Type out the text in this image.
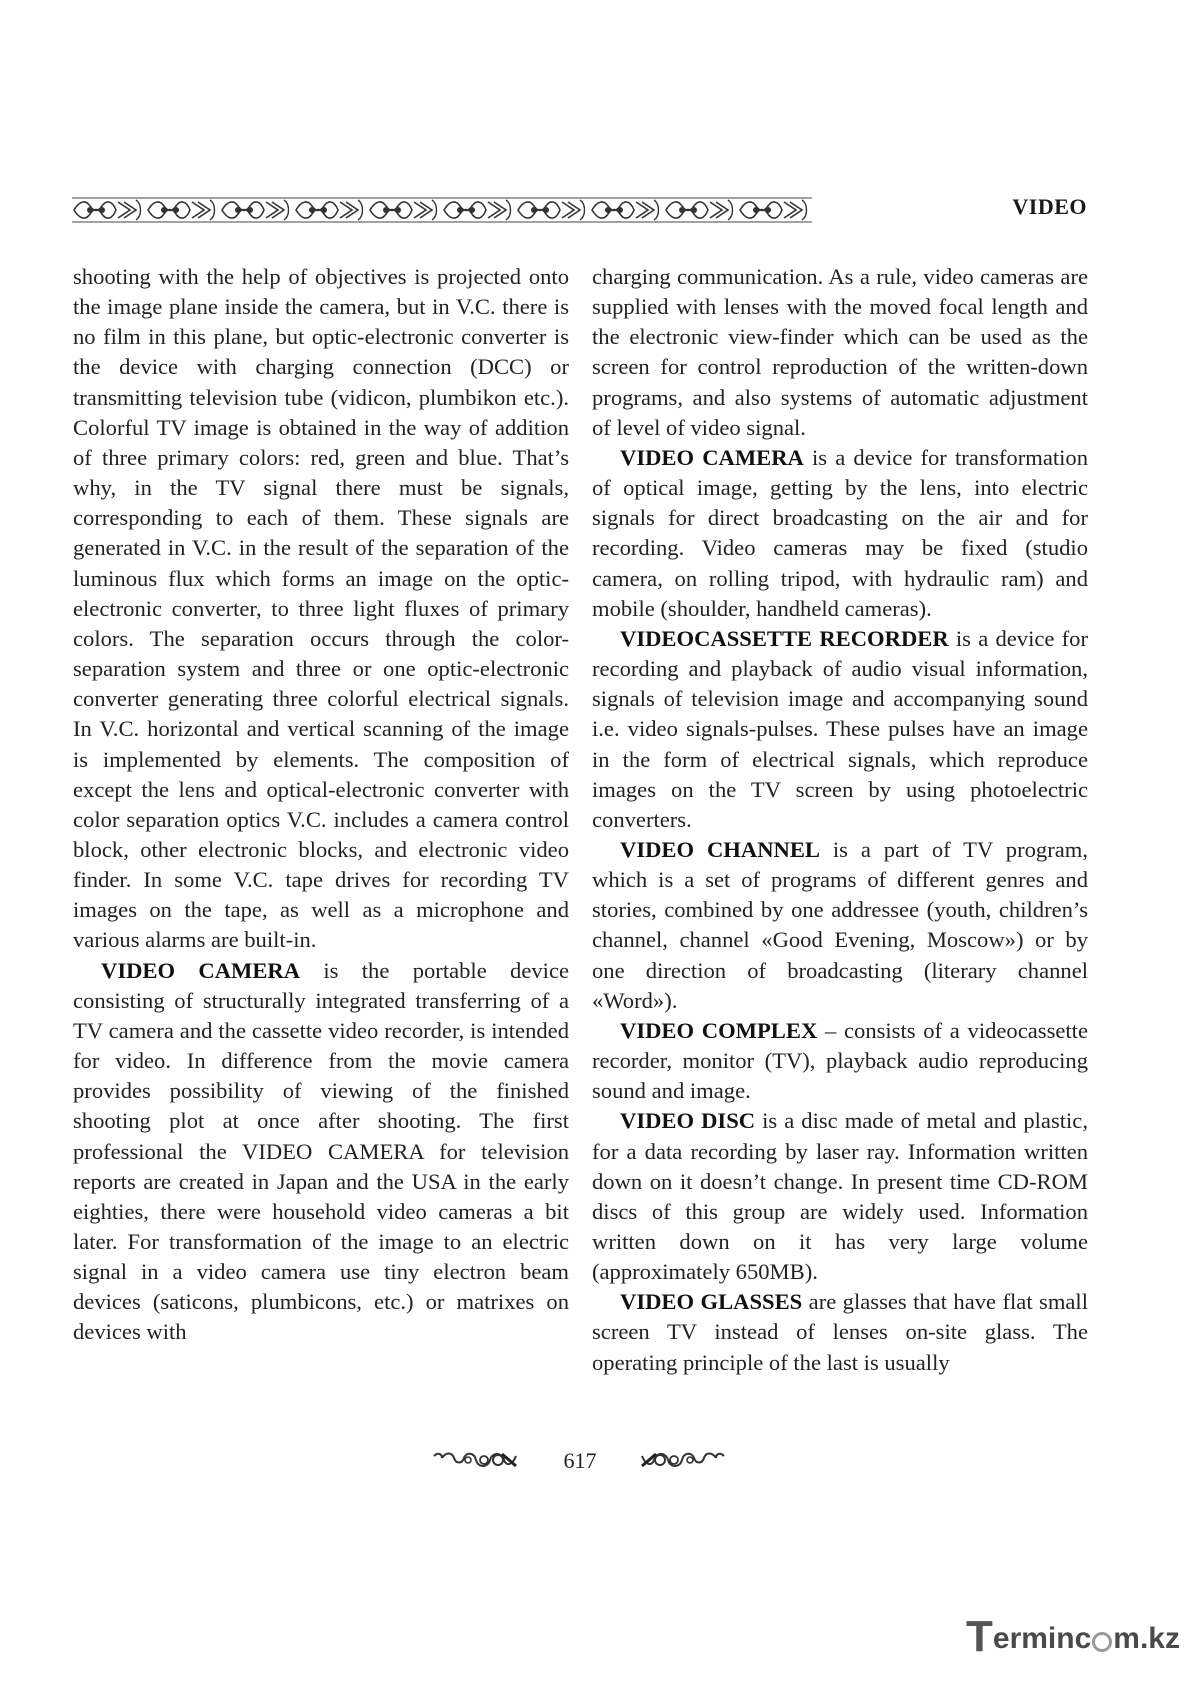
VIDEO

shooting with the help of objectives is projected onto the image plane inside the camera, but in V.C. there is no film in this plane, but optic-electronic converter is the device with charging connection (DCC) or transmitting television tube (vidicon, plumbikon etc.). Colorful TV image is obtained in the way of addition of three primary colors: red, green and blue. That’s why, in the TV signal there must be signals, corresponding to each of them. These signals are generated in V.C. in the result of the separation of the luminous flux which forms an image on the optic-electronic converter, to three light fluxes of primary colors. The separation occurs through the color-separation system and three or one optic-electronic converter generating three colorful electrical signals. In V.C. horizontal and vertical scanning of the image is implemented by elements. The composition of except the lens and optical-electronic converter with color separation optics V.C. includes a camera control block, other electronic blocks, and electronic video finder. In some V.C. tape drives for recording TV images on the tape, as well as a microphone and various alarms are built-in.

VIDEO CAMERA is the portable device consisting of structurally integrated transferring of a TV camera and the cassette video recorder, is intended for video. In difference from the movie camera provides possibility of viewing of the finished shooting plot at once after shooting. The first professional the VIDEO CAMERA for television reports are created in Japan and the USA in the early eighties, there were household video cameras a bit later. For transformation of the image to an electric signal in a video camera use tiny electron beam devices (saticons, plumbicons, etc.) or matrixes on devices with

charging communication. As a rule, video cameras are supplied with lenses with the moved focal length and the electronic view-finder which can be used as the screen for control reproduction of the written-down programs, and also systems of automatic adjustment of level of video signal.

VIDEO CAMERA is a device for transformation of optical image, getting by the lens, into electric signals for direct broadcasting on the air and for recording. Video cameras may be fixed (studio camera, on rolling tripod, with hydraulic ram) and mobile (shoulder, handheld cameras).

VIDEOCASSETTE RECORDER is a device for recording and playback of audio visual information, signals of television image and accompanying sound i.e. video signals-pulses. These pulses have an image in the form of electrical signals, which reproduce images on the TV screen by using photoelectric converters.

VIDEO CHANNEL is a part of TV program, which is a set of programs of different genres and stories, combined by one addressee (youth, children’s channel, channel «Good Evening, Moscow») or by one direction of broadcasting (literary channel «Word»).

VIDEO COMPLEX – consists of a videocassette recorder, monitor (TV), playback audio reproducing sound and image.

VIDEO DISC is a disc made of metal and plastic, for a data recording by laser ray. Information written down on it doesn’t change. In present time CD-ROM discs of this group are widely used. Information written down on it has very large volume (approximately 650MB).

VIDEO GLASSES are glasses that have flat small screen TV instead of lenses on-site glass. The operating principle of the last is usually

617
Terminc m.kz
